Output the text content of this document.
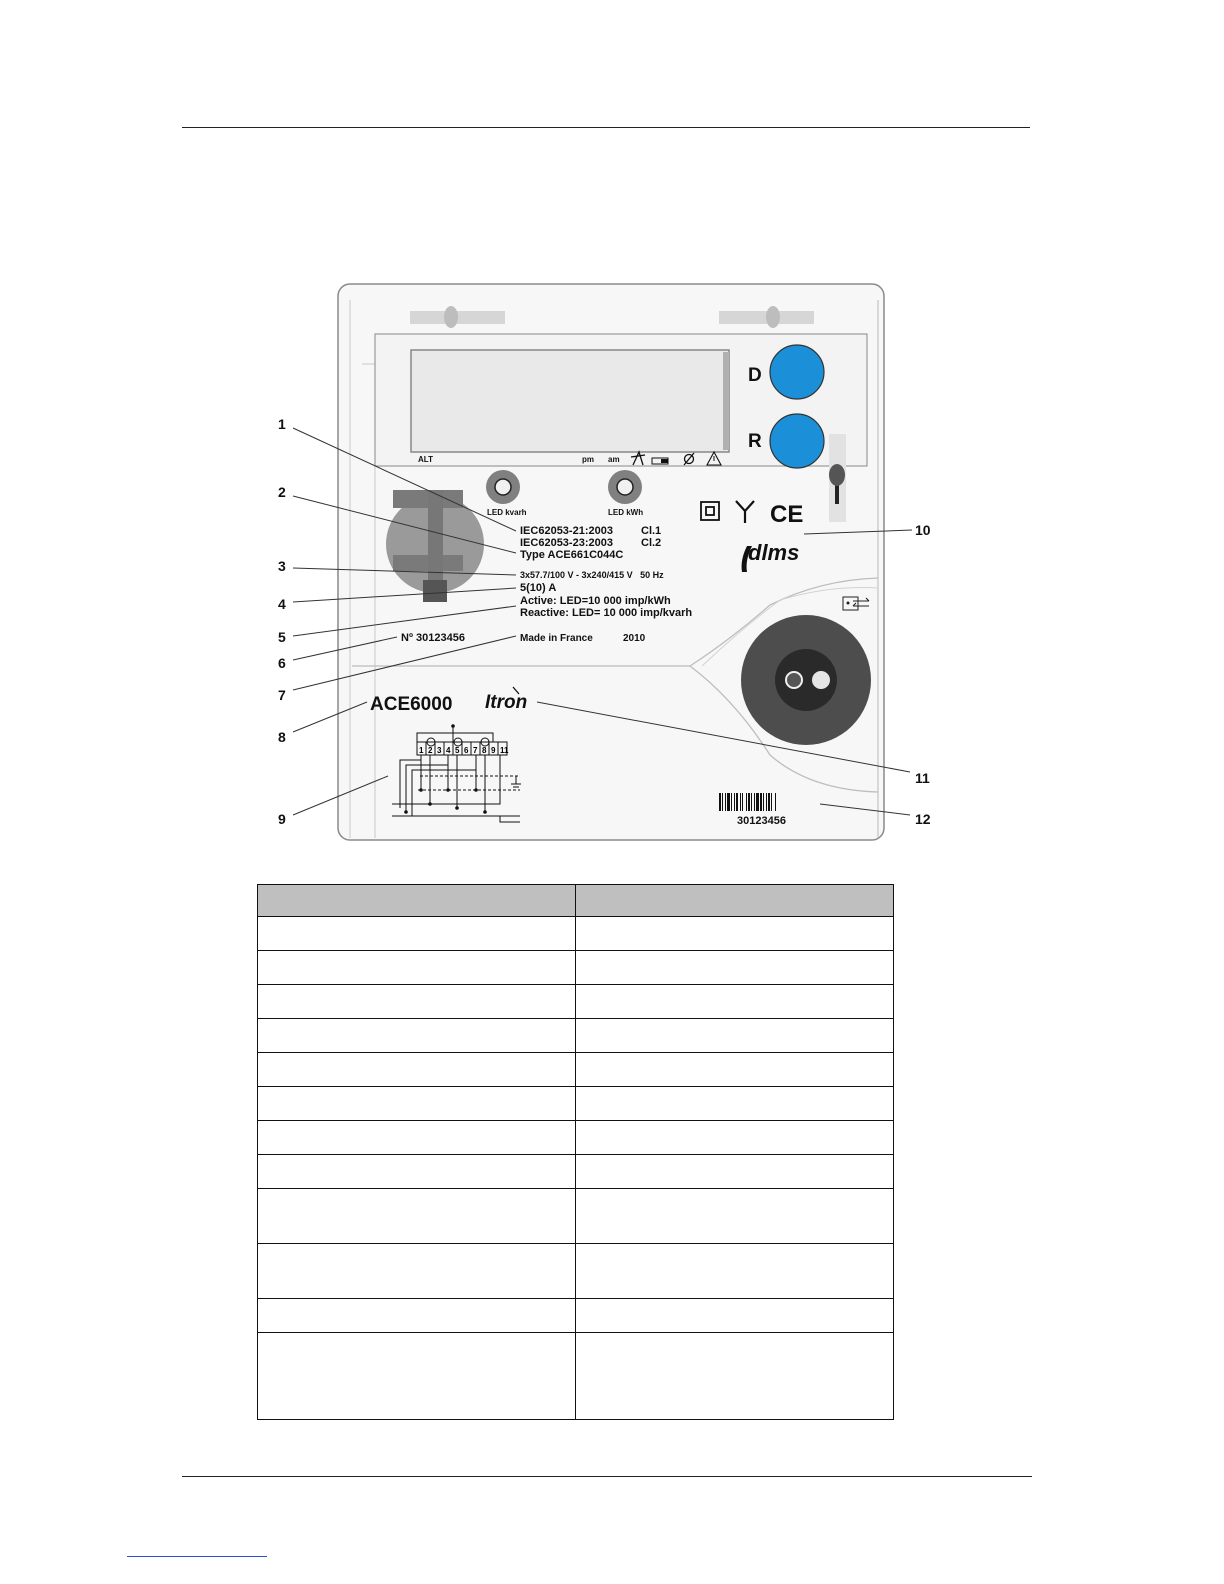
ALT	pm am
D
R
LED kvarh	LED kWh	CE
dlms
IEC62053-21:2003	Cl.1
IEC62053-23:2003	Cl.2
Type ACE661C044C
3x57.7/100 V - 3x240/415 V   50 Hz
5(10) A
Active: LED=10 000 imp/kWh
Reactive: LED= 10 000 imp/kvarh
Nº 30123456	Made in France	2010
ACE6000 Itron
1 2 3 4 5 6 7 8 9 11
30123456
1
2
3
4
5
6
7
8
9
10
11
12
